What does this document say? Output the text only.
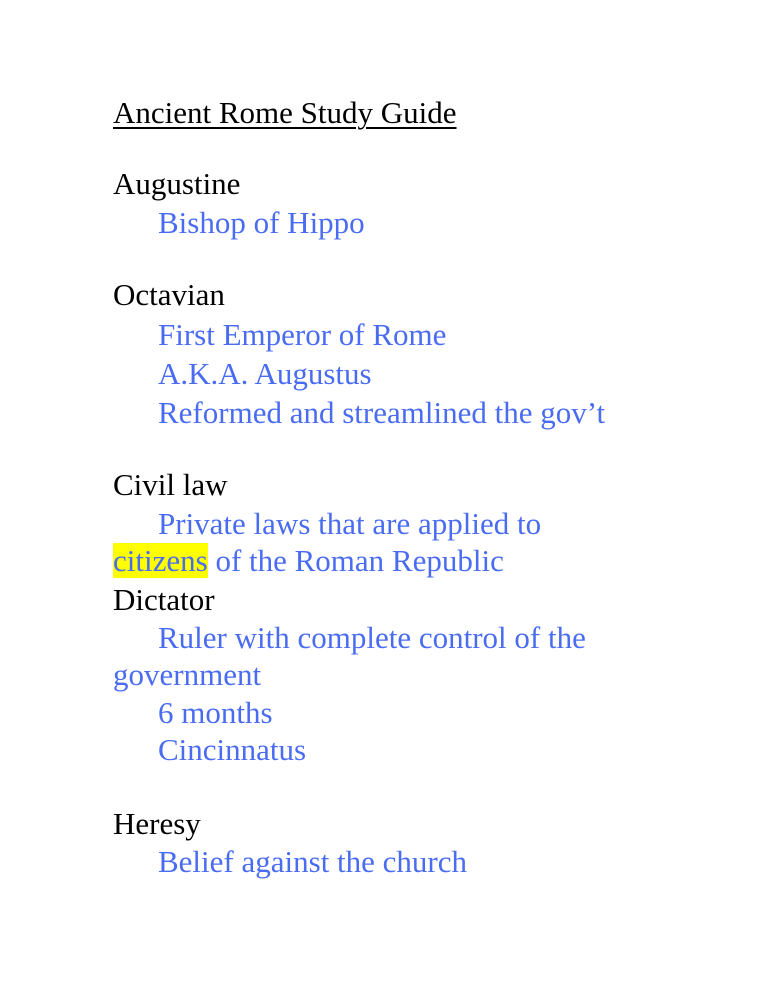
Ancient Rome Study Guide
Augustine
Bishop of Hippo
Octavian
First Emperor of Rome
A.K.A. Augustus
Reformed and streamlined the gov’t
Civil law
Private laws that are applied to
citizens of the Roman Republic
Dictator
Ruler with complete control of the
government
6 months
Cincinnatus
Heresy
Belief against the church
